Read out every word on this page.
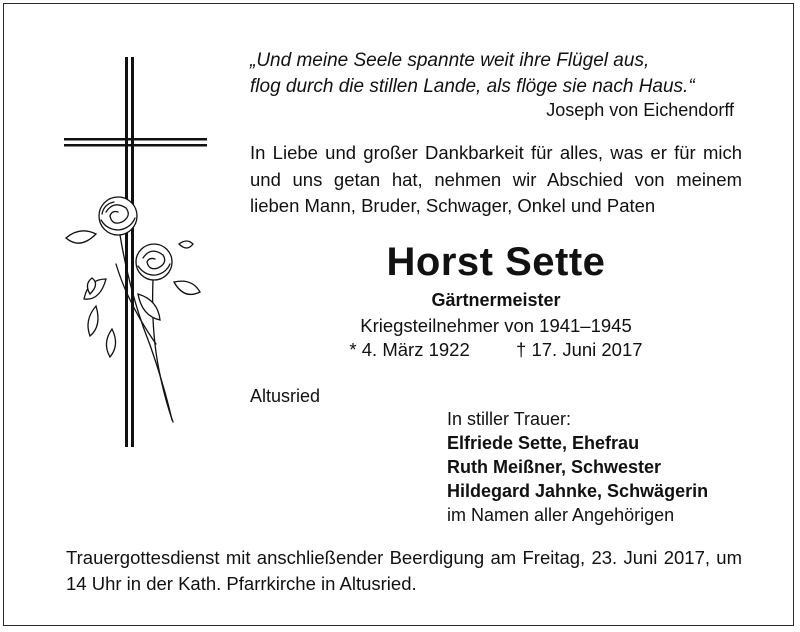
„Und meine Seele spannte weit ihre Flügel aus,
flog durch die stillen Lande, als flöge sie nach Haus.“
Joseph von Eichendorff
In Liebe und großer Dankbarkeit für alles, was er für mich und uns getan hat, nehmen wir Abschied von meinem lieben Mann, Bruder, Schwager, Onkel und Paten
Horst Sette
Gärtnermeister
Kriegsteilnehmer von 1941–1945
* 4. März 1922	† 17. Juni 2017
Altusried
In stiller Trauer:
Elfriede Sette, Ehefrau
Ruth Meißner, Schwester
Hildegard Jahnke, Schwägerin
im Namen aller Angehörigen
Trauergottesdienst mit anschließender Beerdigung am Freitag, 23. Juni 2017, um 14 Uhr in der Kath. Pfarrkirche in Altusried.
